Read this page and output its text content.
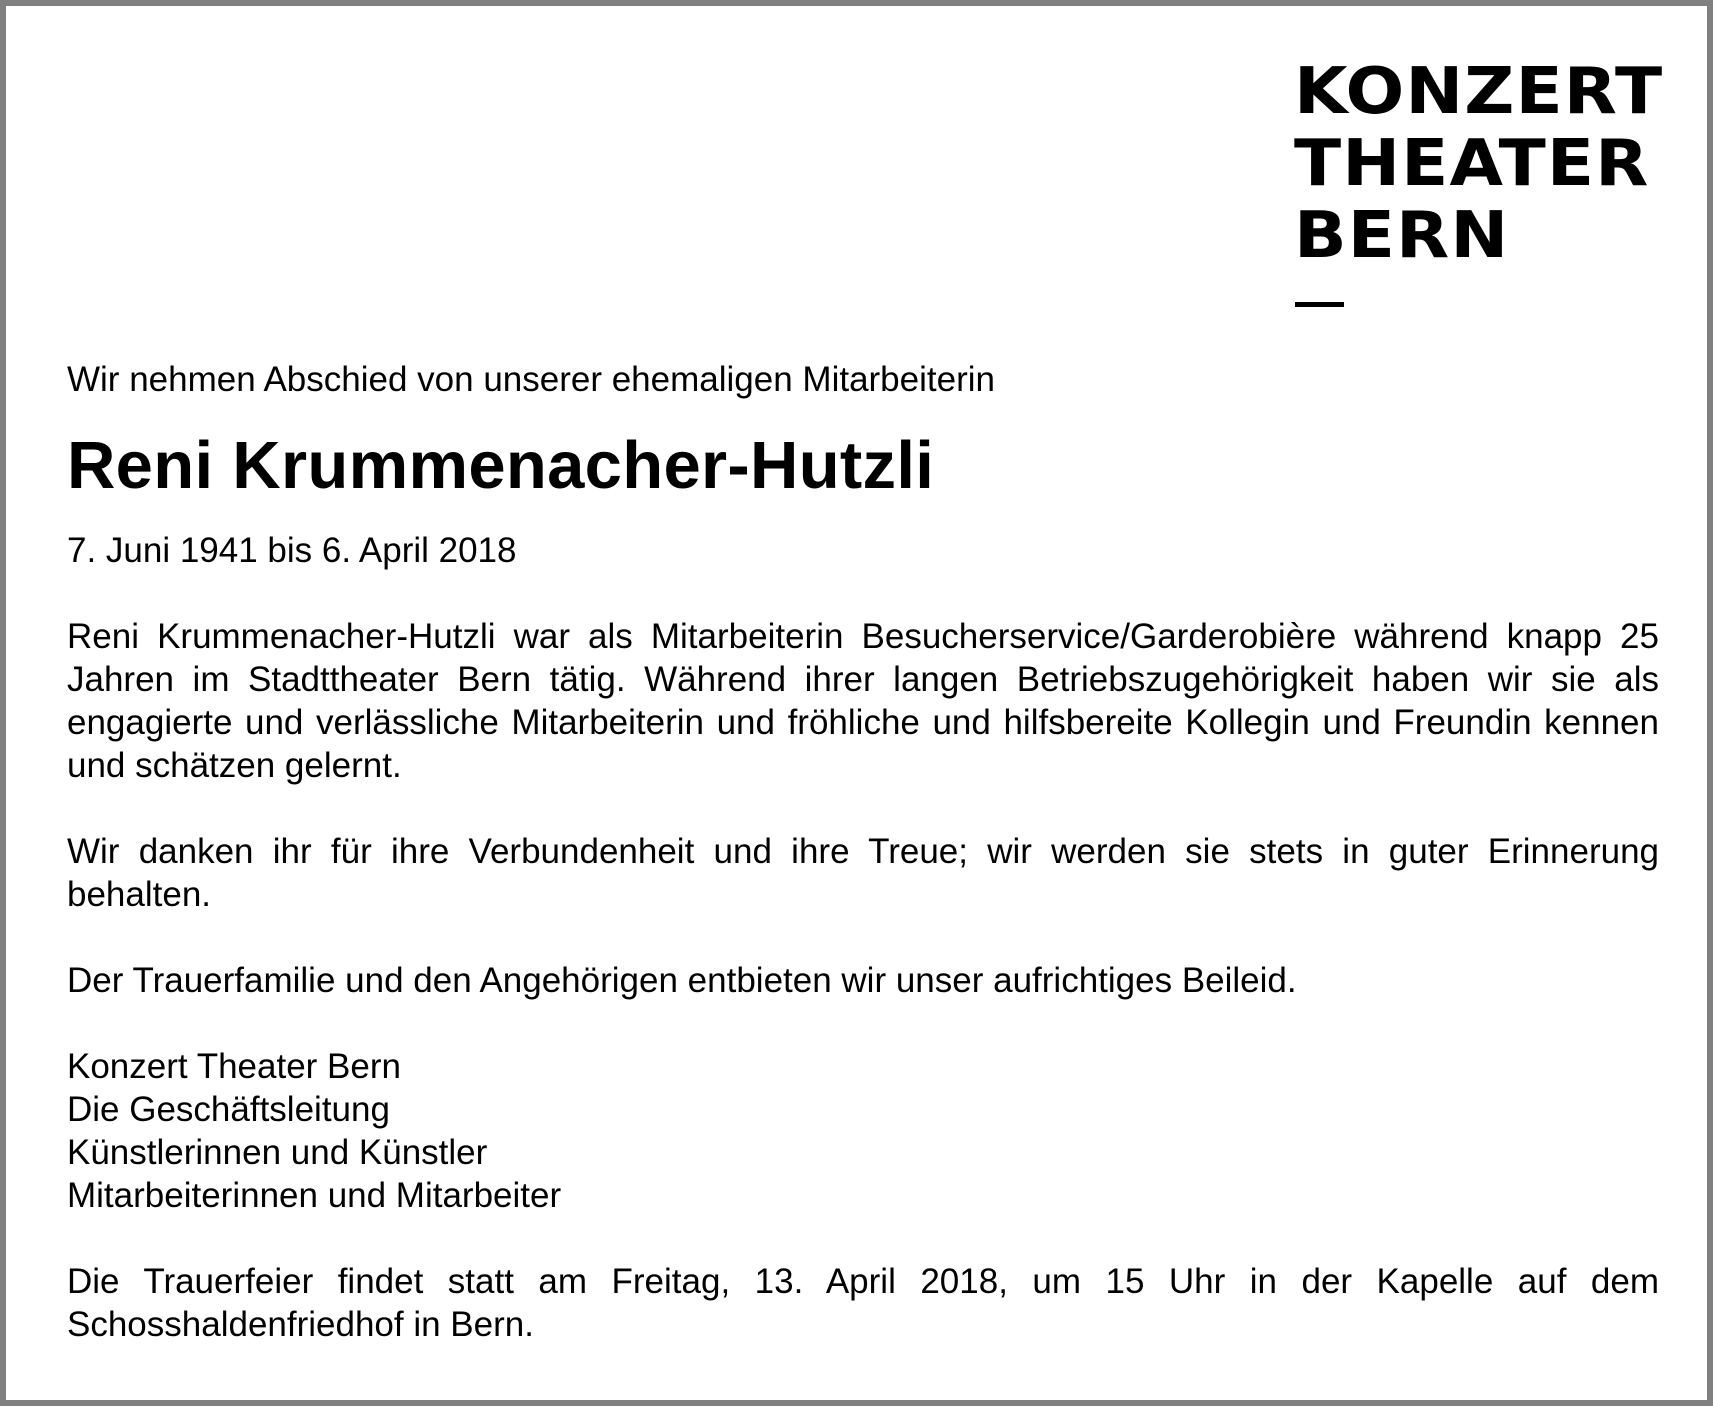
KONZERT
THEATER
BERN

Wir nehmen Abschied von unserer ehemaligen Mitarbeiterin

Reni Krummenacher-Hutzli

7. Juni 1941 bis 6. April 2018

Reni Krummenacher-Hutzli war als Mitarbeiterin Besucherservice/Garderobière während knapp 25 Jahren im Stadttheater Bern tätig. Während ihrer langen Betriebszugehörigkeit haben wir sie als engagierte und verlässliche Mitarbeiterin und fröhliche und hilfsbereite Kollegin und Freundin kennen und schätzen gelernt.

Wir danken ihr für ihre Verbundenheit und ihre Treue; wir werden sie stets in guter Erinnerung behalten.

Der Trauerfamilie und den Angehörigen entbieten wir unser aufrichtiges Beileid.

Konzert Theater Bern
Die Geschäftsleitung
Künstlerinnen und Künstler
Mitarbeiterinnen und Mitarbeiter

Die Trauerfeier findet statt am Freitag, 13. April 2018, um 15 Uhr in der Kapelle auf dem Schosshaldenfriedhof in Bern.
